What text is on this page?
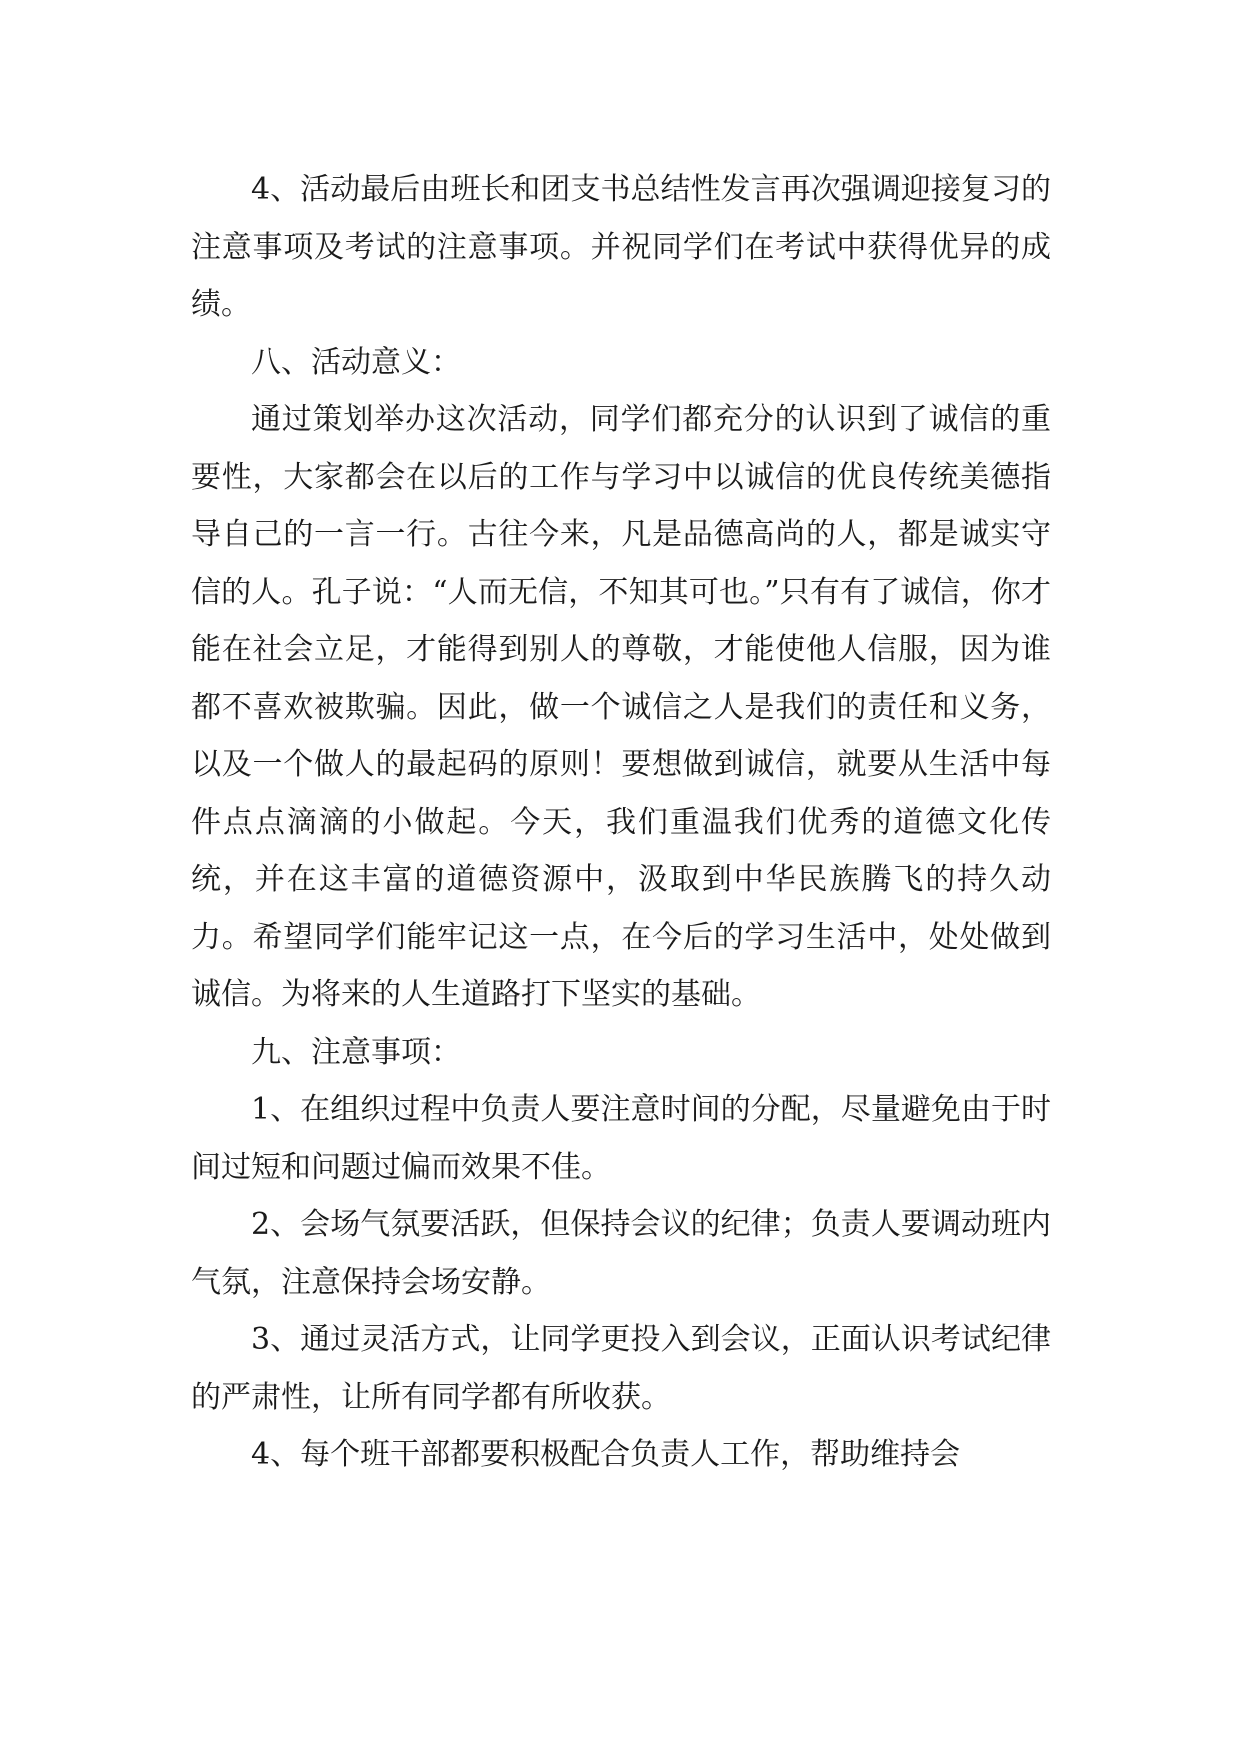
4、活动最后由班长和团支书总结性发言再次强调迎接复习的注意事项及考试的注意事项。并祝同学们在考试中获得优异的成绩。

八、活动意义：

通过策划举办这次活动，同学们都充分的认识到了诚信的重要性，大家都会在以后的工作与学习中以诚信的优良传统美德指导自己的一言一行。古往今来，凡是品德高尚的人，都是诚实守信的人。孔子说：“人而无信，不知其可也。”只有有了诚信，你才能在社会立足，才能得到别人的尊敬，才能使他人信服，因为谁都不喜欢被欺骗。因此，做一个诚信之人是我们的责任和义务，以及一个做人的最起码的原则！要想做到诚信，就要从生活中每件点点滴滴的小做起。今天，我们重温我们优秀的道德文化传统，并在这丰富的道德资源中，汲取到中华民族腾飞的持久动力。希望同学们能牢记这一点，在今后的学习生活中，处处做到诚信。为将来的人生道路打下坚实的基础。

九、注意事项：

1、在组织过程中负责人要注意时间的分配，尽量避免由于时间过短和问题过偏而效果不佳。

2、会场气氛要活跃，但保持会议的纪律；负责人要调动班内气氛，注意保持会场安静。

3、通过灵活方式，让同学更投入到会议，正面认识考试纪律的严肃性，让所有同学都有所收获。

4、每个班干部都要积极配合负责人工作，帮助维持会
